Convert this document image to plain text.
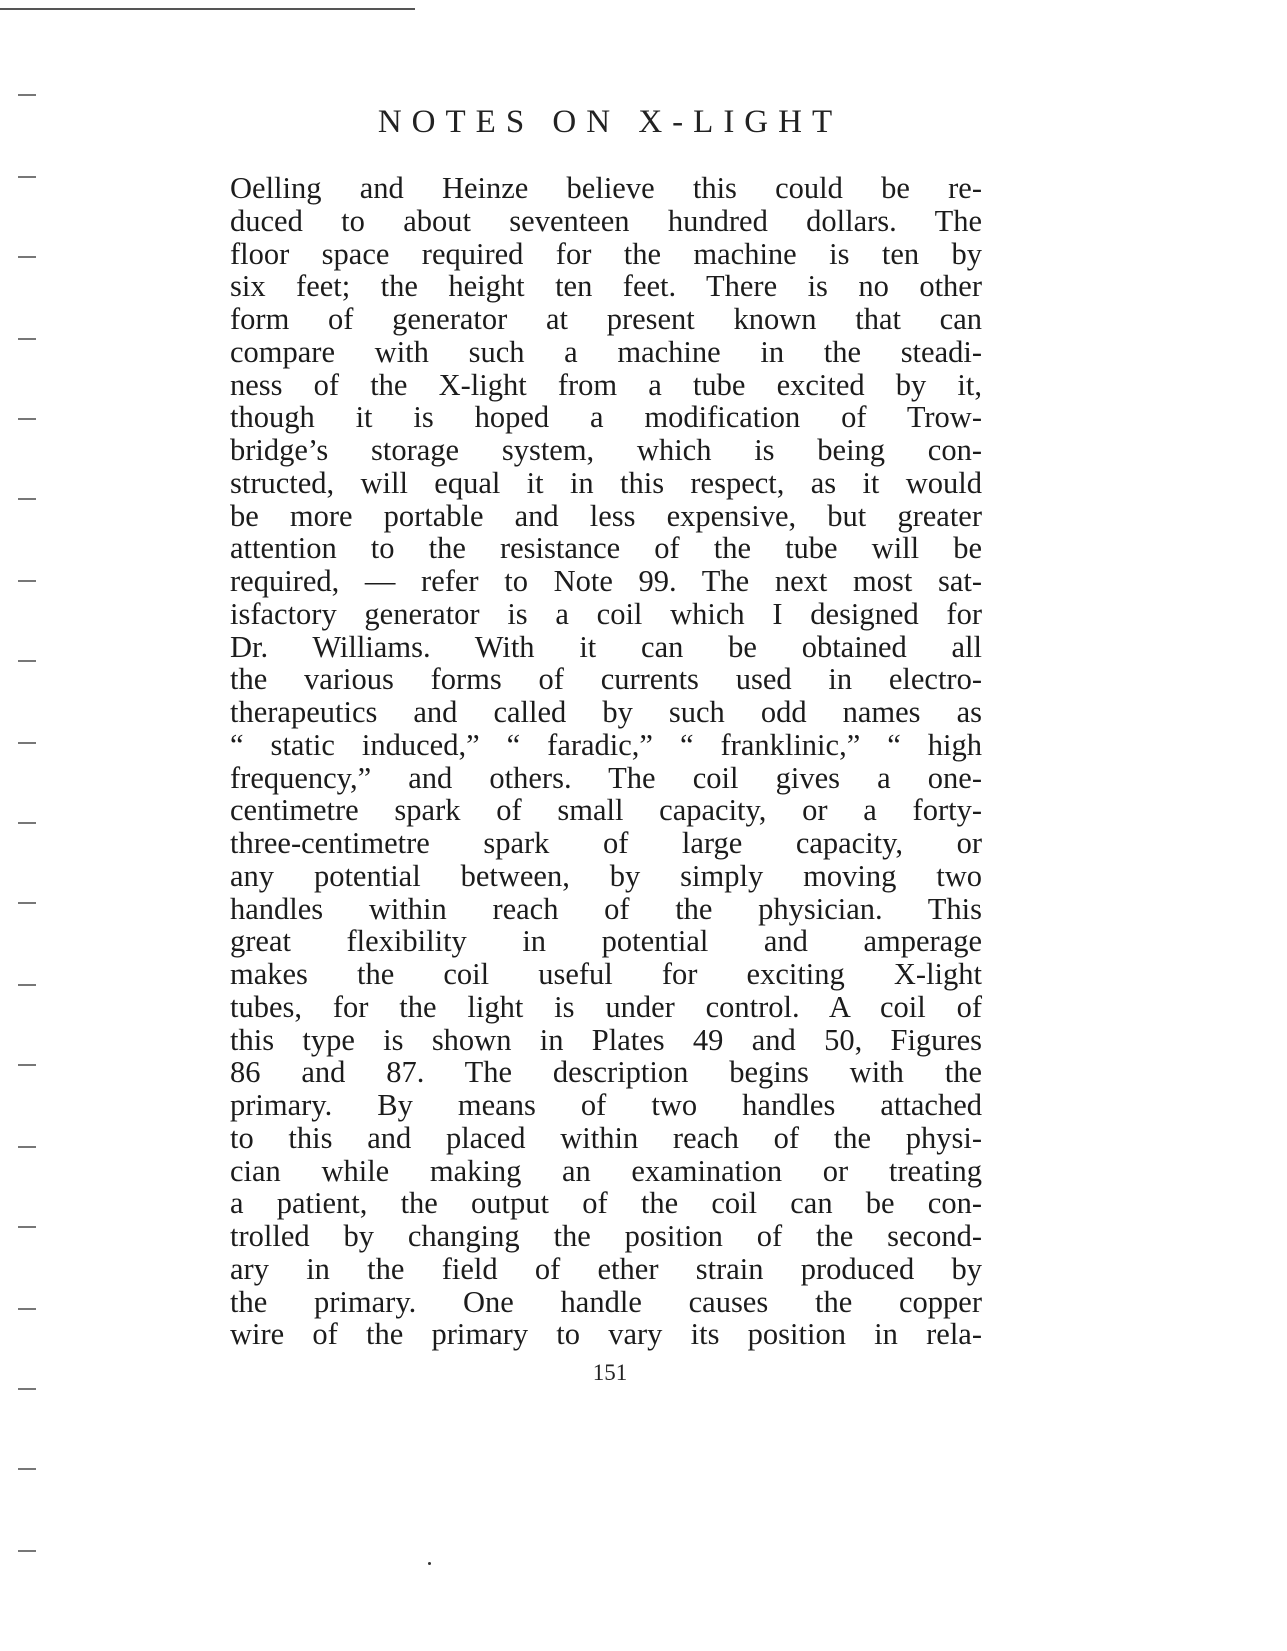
NOTES ON X-LIGHT
Oelling and Heinze believe this could be re-
duced to about seventeen hundred dollars. The
floor space required for the machine is ten by
six feet; the height ten feet. There is no other
form of generator at present known that can
compare with such a machine in the steadi-
ness of the X-light from a tube excited by it,
though it is hoped a modification of Trow-
bridge’s storage system, which is being con-
structed, will equal it in this respect, as it would
be more portable and less expensive, but greater
attention to the resistance of the tube will be
required, — refer to Note 99. The next most sat-
isfactory generator is a coil which I designed for
Dr. Williams. With it can be obtained all
the various forms of currents used in electro-
therapeutics and called by such odd names as
“ static induced,” “ faradic,” “ franklinic,” “ high
frequency,” and others. The coil gives a one-
centimetre spark of small capacity, or a forty-
three-centimetre spark of large capacity, or
any potential between, by simply moving two
handles within reach of the physician. This
great flexibility in potential and amperage
makes the coil useful for exciting X-light
tubes, for the light is under control. A coil of
this type is shown in Plates 49 and 50, Figures
86 and 87. The description begins with the
primary. By means of two handles attached
to this and placed within reach of the physi-
cian while making an examination or treating
a patient, the output of the coil can be con-
trolled by changing the position of the second-
ary in the field of ether strain produced by
the primary. One handle causes the copper
wire of the primary to vary its position in rela-
151
